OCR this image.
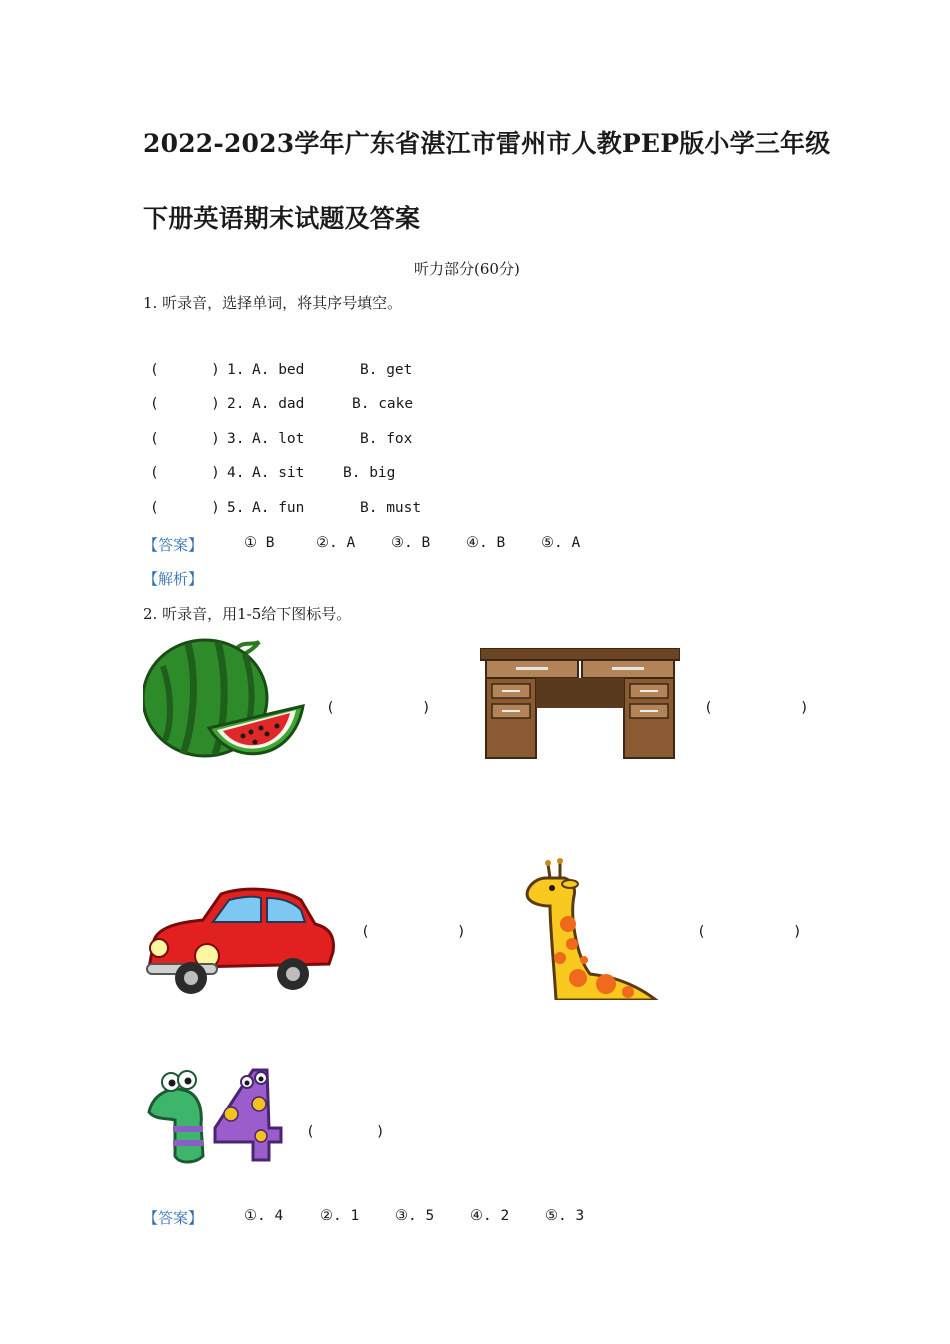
2022-2023学年广东省湛江市雷州市人教PEP版小学三年级
下册英语期末试题及答案
听力部分(60分)
1. 听录音，选择单词，将其序号填空。
(      ) 1. A. bed	B. get
(      ) 2. A. dad	B. cake
(      ) 3. A. lot	B. fox
(      ) 4. A. sit	B. big
(      ) 5. A. fun	B. must
【答案】	① B	②. A ③. B ④. B ⑤. A
【解析】
2. 听录音，用1-5给下图标号。
(          )	(          )
(          )	(          )
(       )
【答案】	①. 4	②. 1 ③. 5 ④. 2 ⑤. 3
